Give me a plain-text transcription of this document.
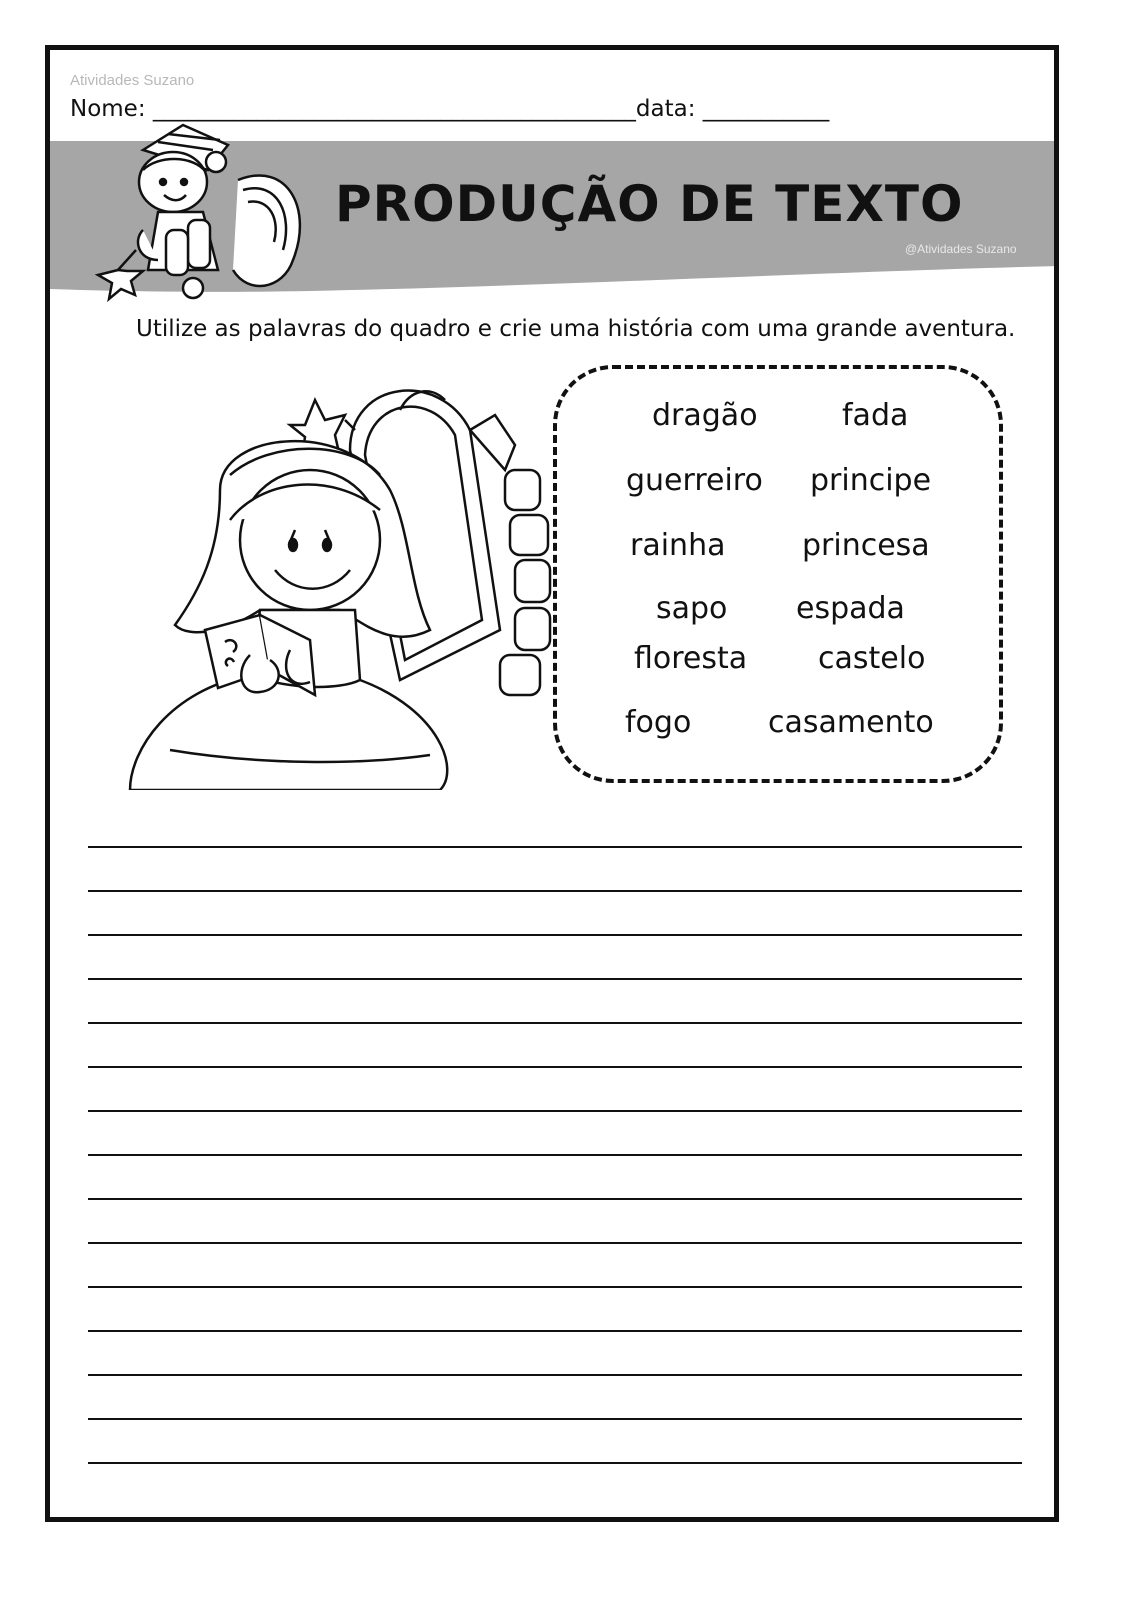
Atividades Suzano
Nome: __________________________________________data: ___________
PRODUÇÃO DE TEXTO
@Atividades Suzano
Utilize as palavras do quadro e crie uma história com uma grande aventura.
dragão	fada
guerreiro principe
rainha	princesa
sapo espada
floresta castelo
fogo	casamento
